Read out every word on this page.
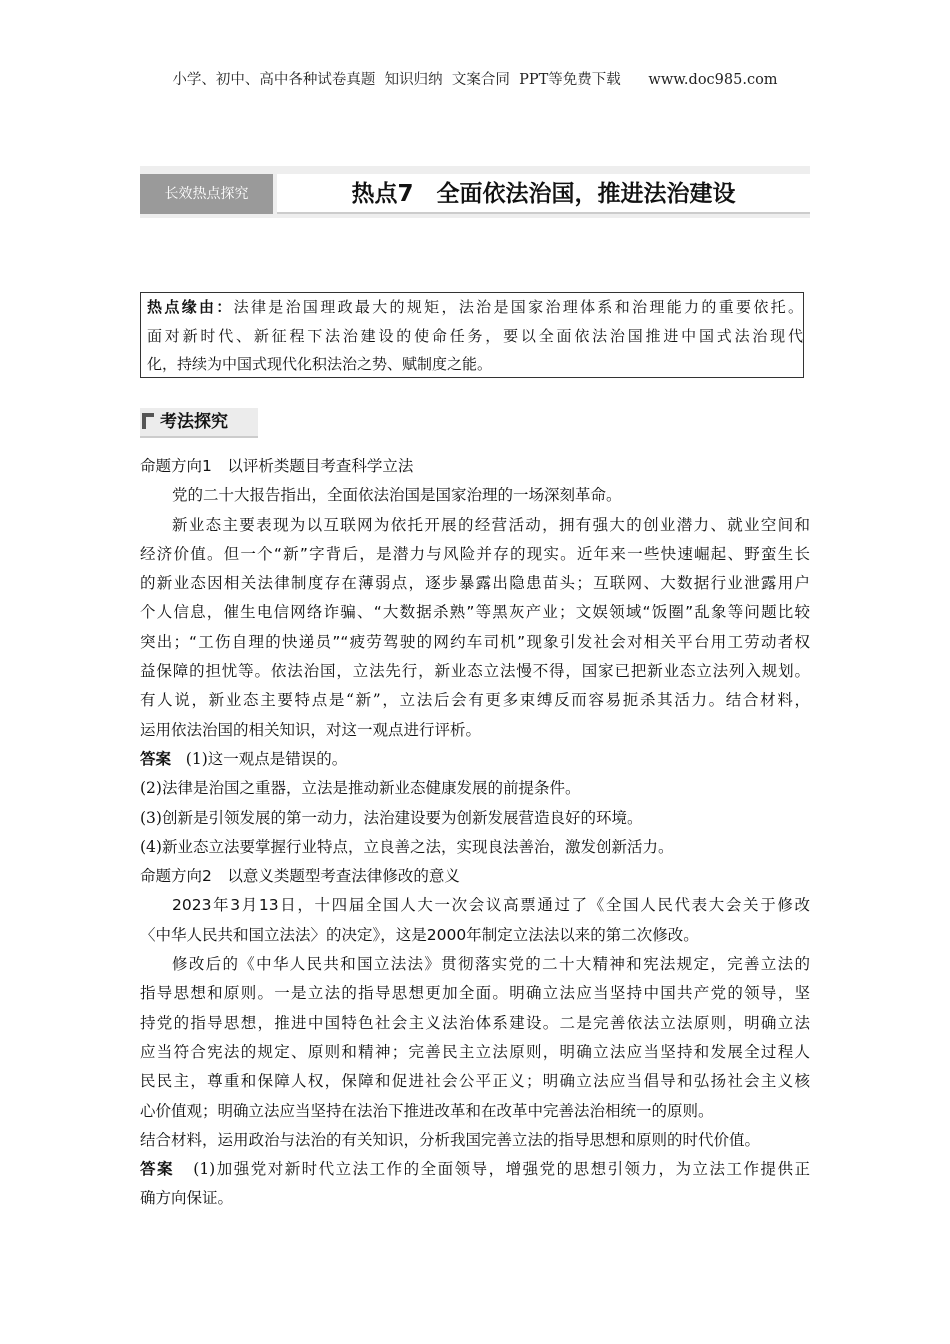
小学、初中、高中各种试卷真题  知识归纳  文案合同  PPT等免费下载      www.doc985.com
长效热点探究	热点7　全面依法治国，推进法治建设
热点缘由：法律是治国理政最大的规矩，法治是国家治理体系和治理能力的重要依托。
面对新时代、新征程下法治建设的使命任务，要以全面依法治国推进中国式法治现代
化，持续为中国式现代化积法治之势、赋制度之能。
考法探究
命题方向1　以评析类题目考查科学立法
党的二十大报告指出，全面依法治国是国家治理的一场深刻革命。
新业态主要表现为以互联网为依托开展的经营活动，拥有强大的创业潜力、就业空间和
经济价值。但一个“新”字背后，是潜力与风险并存的现实。近年来一些快速崛起、野蛮生长
的新业态因相关法律制度存在薄弱点，逐步暴露出隐患苗头；互联网、大数据行业泄露用户
个人信息，催生电信网络诈骗、“大数据杀熟”等黑灰产业；文娱领域“饭圈”乱象等问题比较
突出；“工伤自理的快递员”“疲劳驾驶的网约车司机”现象引发社会对相关平台用工劳动者权
益保障的担忧等。依法治国，立法先行，新业态立法慢不得，国家已把新业态立法列入规划。
有人说，新业态主要特点是“新”，立法后会有更多束缚反而容易扼杀其活力。结合材料，
运用依法治国的相关知识，对这一观点进行评析。
答案 (1)这一观点是错误的。
(2)法律是治国之重器，立法是推动新业态健康发展的前提条件。
(3)创新是引领发展的第一动力，法治建设要为创新发展营造良好的环境。
(4)新业态立法要掌握行业特点，立良善之法，实现良法善治，激发创新活力。
命题方向2　以意义类题型考查法律修改的意义
2023年3月13日，十四届全国人大一次会议高票通过了《全国人民代表大会关于修改
〈中华人民共和国立法法〉的决定》，这是2000年制定立法法以来的第二次修改。
修改后的《中华人民共和国立法法》贯彻落实党的二十大精神和宪法规定，完善立法的
指导思想和原则。一是立法的指导思想更加全面。明确立法应当坚持中国共产党的领导，坚
持党的指导思想，推进中国特色社会主义法治体系建设。二是完善依法立法原则，明确立法
应当符合宪法的规定、原则和精神；完善民主立法原则，明确立法应当坚持和发展全过程人
民民主，尊重和保障人权，保障和促进社会公平正义；明确立法应当倡导和弘扬社会主义核
心价值观；明确立法应当坚持在法治下推进改革和在改革中完善法治相统一的原则。
结合材料，运用政治与法治的有关知识，分析我国完善立法的指导思想和原则的时代价值。
答案 (1)加强党对新时代立法工作的全面领导，增强党的思想引领力，为立法工作提供正
确方向保证。
